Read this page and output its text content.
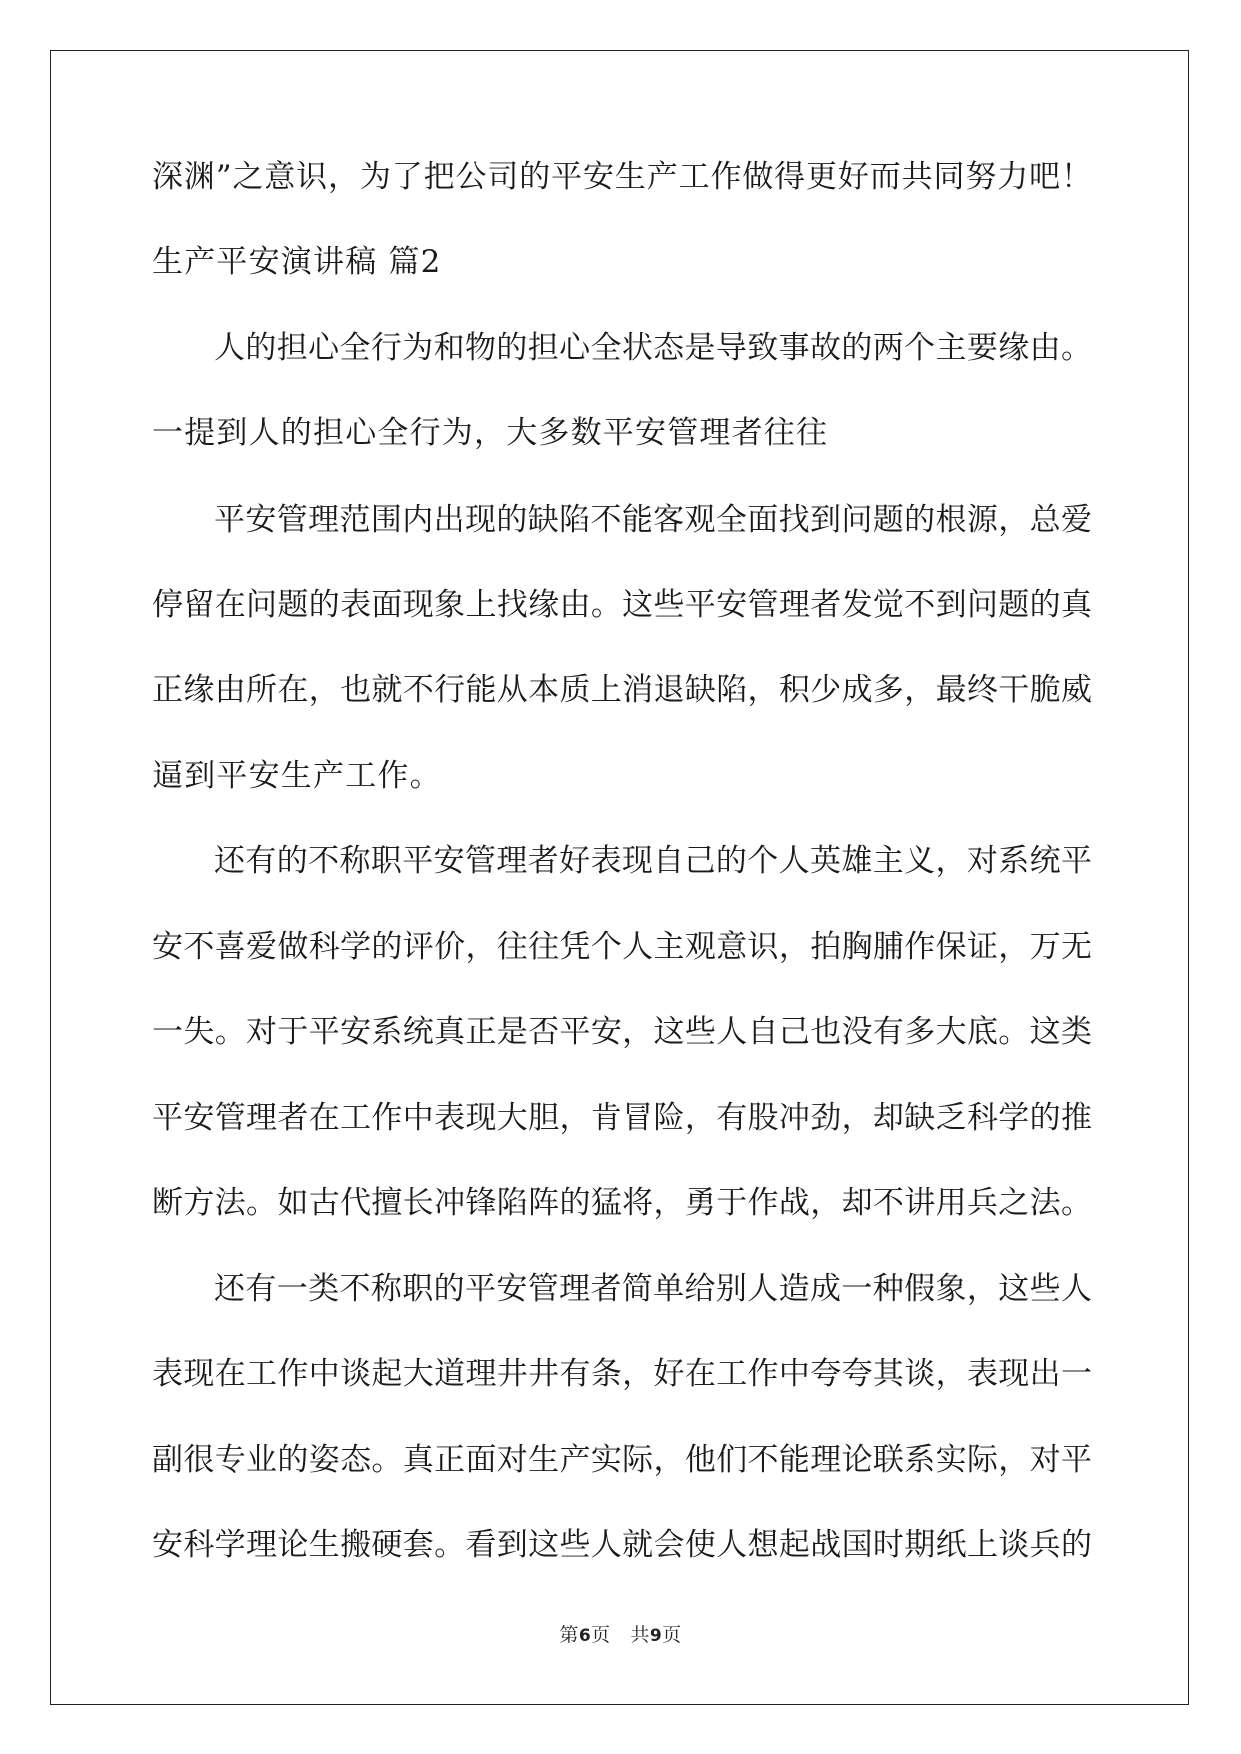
深渊”之意识，为了把公司的平安生产工作做得更好而共同努力吧！
生产平安演讲稿 篇2
人的担心全行为和物的担心全状态是导致事故的两个主要缘由。
一提到人的担心全行为，大多数平安管理者往往
平安管理范围内出现的缺陷不能客观全面找到问题的根源，总爱
停留在问题的表面现象上找缘由。这些平安管理者发觉不到问题的真
正缘由所在，也就不行能从本质上消退缺陷，积少成多，最终干脆威
逼到平安生产工作。
还有的不称职平安管理者好表现自己的个人英雄主义，对系统平
安不喜爱做科学的评价，往往凭个人主观意识，拍胸脯作保证，万无
一失。对于平安系统真正是否平安，这些人自己也没有多大底。这类
平安管理者在工作中表现大胆，肯冒险，有股冲劲，却缺乏科学的推
断方法。如古代擅长冲锋陷阵的猛将，勇于作战，却不讲用兵之法。
还有一类不称职的平安管理者简单给别人造成一种假象，这些人
表现在工作中谈起大道理井井有条，好在工作中夸夸其谈，表现出一
副很专业的姿态。真正面对生产实际，他们不能理论联系实际，对平
安科学理论生搬硬套。看到这些人就会使人想起战国时期纸上谈兵的
第6页 共9页
